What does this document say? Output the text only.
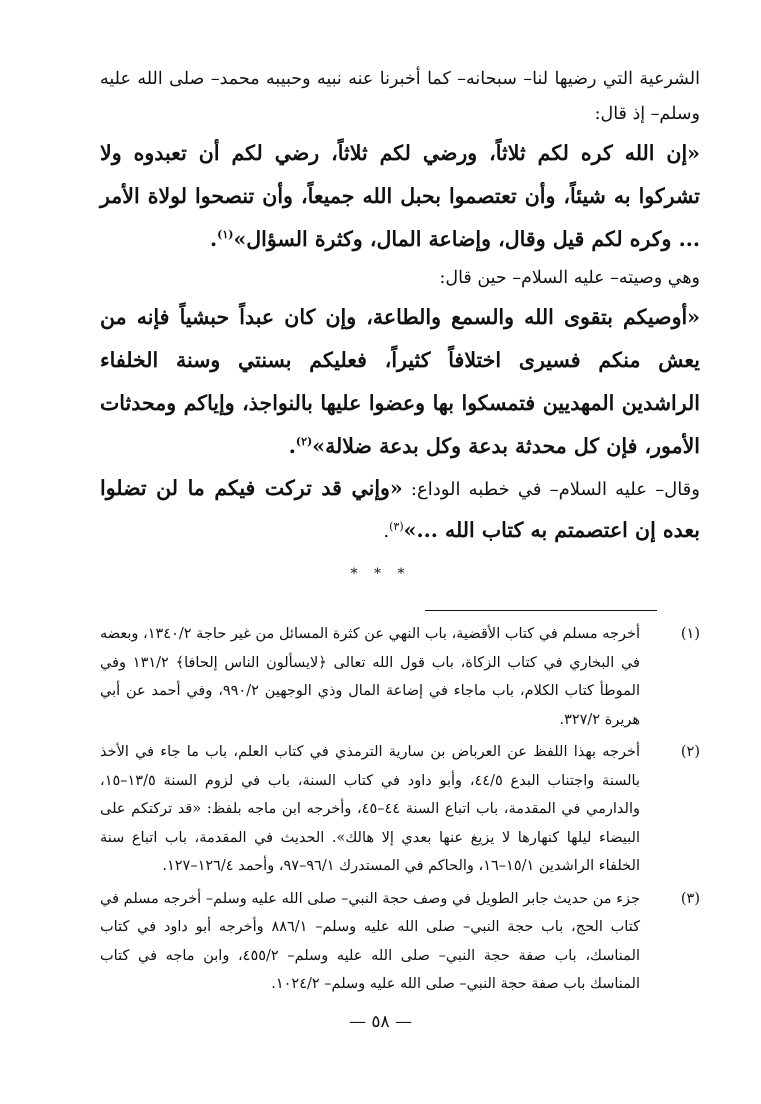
الشرعية التي رضيها لنا– سبحانه– كما أخبرنا عنه نبيه وحبيبه محمد– صلى الله عليه وسلم– إذ قال:

«إن الله كره لكم ثلاثاً، ورضي لكم ثلاثاً، رضي لكم أن تعبدوه ولا تشركوا به شيئاً، وأن تعتصموا بحبل الله جميعاً، وأن تنصحوا لولاة الأمر ... وكره لكم قيل وقال، وإضاعة المال، وكثرة السؤال»$^{(١)}$.

وهي وصيته– عليه السلام– حين قال:

«أوصيكم بتقوى الله والسمع والطاعة، وإن كان عبداً حبشياً فإنه من يعش منكم فسيرى اختلافاً كثيراً، فعليكم بسنتي وسنة الخلفاء الراشدين المهديين فتمسكوا بها وعضوا عليها بالنواجذ، وإياكم ومحدثات الأمور، فإن كل محدثة بدعة وكل بدعة ضلالة»$^{(٢)}$.

وقال– عليه السلام– في خطبه الوداع: «وإني قد تركت فيكم ما لن تضلوا بعده إن اعتصمتم به كتاب الله ...»$^{(٣)}$.

* * *
(١)
أخرجه مسلم في كتاب الأقضية، باب النهي عن كثرة المسائل من غير حاجة ١٣٤٠/٢، وبعضه في البخاري في كتاب الزكاة، باب قول الله تعالى ﴿لايسألون الناس إلحافا﴾ ١٣١/٢ وفي الموطأ كتاب الكلام، باب ماجاء في إضاعة المال وذي الوجهين ٩٩٠/٢، وفي أحمد عن أبي هريرة ٣٢٧/٢.
(٢)
أخرجه بهذا اللفظ عن العرباض بن سارية الترمذي في كتاب العلم، باب ما جاء في الأخذ بالسنة واجتناب البدع ٤٤/٥، وأبو داود في كتاب السنة، باب في لزوم السنة ١٣/٥–١٥، والدارمي في المقدمة، باب اتباع السنة ٤٤–٤٥، وأخرجه ابن ماجه بلفظ: «قد تركتكم على البيضاء ليلها كنهارها لا يزيغ عنها بعدي إلا هالك». الحديث في المقدمة، باب اتباع سنة الخلفاء الراشدين ١٥/١–١٦، والحاكم في المستدرك ٩٦/١–٩٧، وأحمد ١٢٦/٤–١٢٧.
(٣)
جزء من حديث جابر الطويل في وصف حجة النبي– صلى الله عليه وسلم– أخرجه مسلم في كتاب الحج، باب حجة النبي– صلى الله عليه وسلم– ٨٨٦/١ وأخرجه أبو داود في كتاب المناسك، باب صفة حجة النبي– صلى الله عليه وسلم– ٤٥٥/٢، وابن ماجه في كتاب المناسك باب صفة حجة النبي– صلى الله عليه وسلم– ١٠٢٤/٢.
— ٥٨ —
